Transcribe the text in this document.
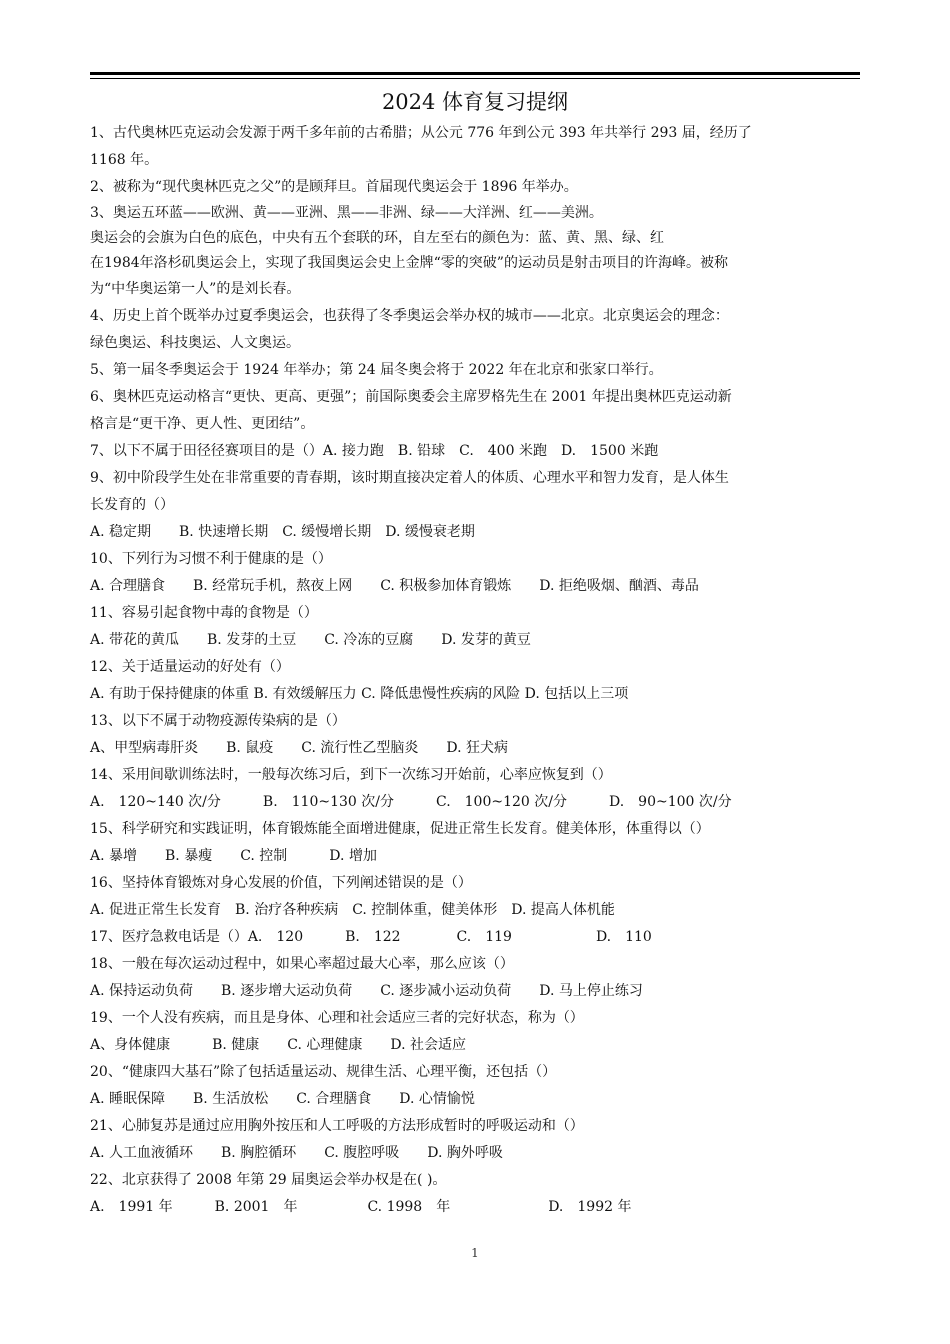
2024 体育复习提纲
1、古代奥林匹克运动会发源于两千多年前的古希腊；从公元 776 年到公元 393 年共举行 293 届，经历了
1168 年。
2、被称为“现代奥林匹克之父”的是顾拜旦。首届现代奥运会于 1896 年举办。
3、奥运五环蓝——欧洲、黄——亚洲、黑——非洲、绿——大洋洲、红——美洲。
奥运会的会旗为白色的底色，中央有五个套联的环，自左至右的颜色为：蓝、黄、黑、绿、红
在1984年洛杉矶奥运会上，实现了我国奥运会史上金牌“零的突破”的运动员是射击项目的许海峰。被称
为“中华奥运第一人”的是刘长春。
4、历史上首个既举办过夏季奥运会，也获得了冬季奥运会举办权的城市——北京。北京奥运会的理念：
绿色奥运、科技奥运、人文奥运。
5、第一届冬季奥运会于 1924 年举办；第 24 届冬奥会将于 2022 年在北京和张家口举行。
6、奥林匹克运动格言“更快、更高、更强”；前国际奥委会主席罗格先生在 2001 年提出奥林匹克运动新
格言是“更干净、更人性、更团结”。
7、以下不属于田径径赛项目的是（）A. 接力跑　B. 铅球　C.　400 米跑　D.　1500 米跑
9、初中阶段学生处在非常重要的青春期，该时期直接决定着人的体质、心理水平和智力发育，是人体生
长发育的（）
A. 稳定期　　B. 快速增长期　C. 缓慢增长期　D. 缓慢衰老期
10、下列行为习惯不利于健康的是（）
A. 合理膳食　　B. 经常玩手机，熬夜上网　　C. 积极参加体育锻炼　　D. 拒绝吸烟、酗酒、毒品
11、容易引起食物中毒的食物是（）
A. 带花的黄瓜　　B. 发芽的土豆　　C. 冷冻的豆腐　　D. 发芽的黄豆
12、关于适量运动的好处有（）
A. 有助于保持健康的体重 B. 有效缓解压力 C. 降低患慢性疾病的风险 D. 包括以上三项
13、以下不属于动物疫源传染病的是（）
A、甲型病毒肝炎　　B. 鼠疫　　C. 流行性乙型脑炎　　D. 狂犬病
14、采用间歇训练法时，一般每次练习后，到下一次练习开始前，心率应恢复到（）
A.　120~140 次/分　　　B.　110~130 次/分　　　C.　100~120 次/分　　　D.　90~100 次/分
15、科学研究和实践证明，体育锻炼能全面增进健康，促进正常生长发育。健美体形，体重得以（）
A. 暴增　　B. 暴瘦　　C. 控制　　　D. 增加
16、坚持体育锻炼对身心发展的价值，下列阐述错误的是（）
A. 促进正常生长发育　B. 治疗各种疾病　C. 控制体重，健美体形　D. 提高人体机能
17、医疗急救电话是（）A.　120　　　B.　122　　　　C.　119　　　　　　D.　110
18、一般在每次运动过程中，如果心率超过最大心率，那么应该（）
A. 保持运动负荷　　B. 逐步增大运动负荷　　C. 逐步减小运动负荷　　D. 马上停止练习
19、一个人没有疾病，而且是身体、心理和社会适应三者的完好状态，称为（）
A、身体健康　　　B. 健康　　C. 心理健康　　D. 社会适应
20、“健康四大基石”除了包括适量运动、规律生活、心理平衡，还包括（）
A. 睡眠保障　　B. 生活放松　　C. 合理膳食　　D. 心情愉悦
21、心肺复苏是通过应用胸外按压和人工呼吸的方法形成暂时的呼吸运动和（）
A. 人工血液循环　　B. 胸腔循环　　C. 腹腔呼吸　　D. 胸外呼吸
22、北京获得了 2008 年第 29 届奥运会举办权是在( )。
A.　1991 年　　　B. 2001　年　　　　　C. 1998　年　　　　　　　D.　1992 年
1
